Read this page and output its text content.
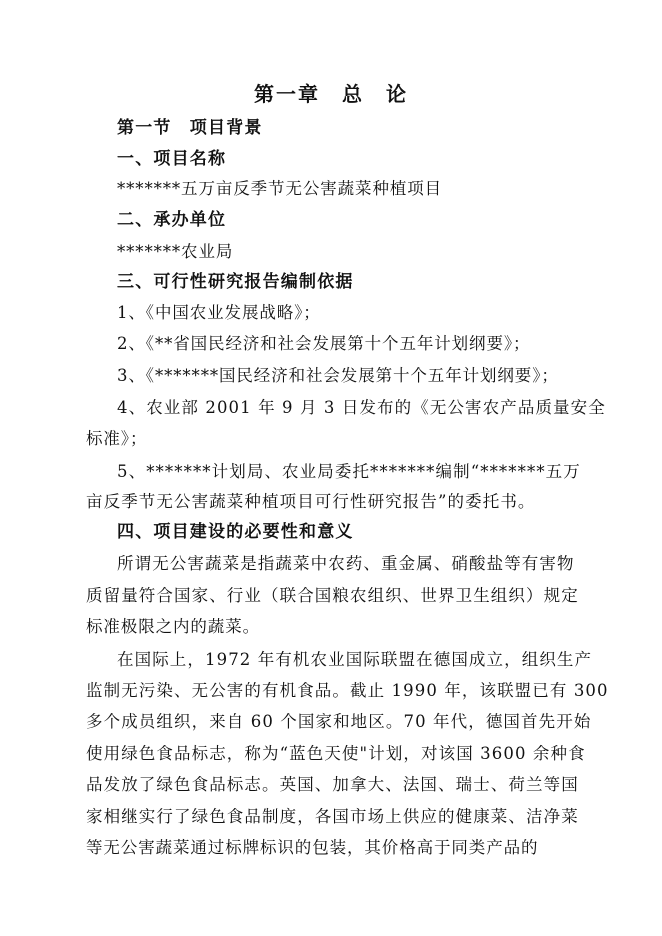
第一章　总　论
第一节　项目背景
一、项目名称
*******五万亩反季节无公害蔬菜种植项目
二、承办单位
*******农业局
三、可行性研究报告编制依据
1、《中国农业发展战略》；
2、《**省国民经济和社会发展第十个五年计划纲要》；
3、《*******国民经济和社会发展第十个五年计划纲要》；
4、农业部 2001 年 9 月 3 日发布的《无公害农产品质量安全
标准》；
5、*******计划局、农业局委托*******编制“*******五万
亩反季节无公害蔬菜种植项目可行性研究报告”的委托书。
四、项目建设的必要性和意义
所谓无公害蔬菜是指蔬菜中农药、重金属、硝酸盐等有害物
质留量符合国家、行业（联合国粮农组织、世界卫生组织）规定
标准极限之内的蔬菜。
在国际上，1972 年有机农业国际联盟在德国成立，组织生产
监制无污染、无公害的有机食品。截止 1990 年，该联盟已有 300
多个成员组织，来自 60 个国家和地区。70 年代，德国首先开始
使用绿色食品标志，称为“蓝色天使"计划，对该国 3600 余种食
品发放了绿色食品标志。英国、加拿大、法国、瑞士、荷兰等国
家相继实行了绿色食品制度，各国市场上供应的健康菜、洁净菜
等无公害蔬菜通过标牌标识的包装，其价格高于同类产品的
